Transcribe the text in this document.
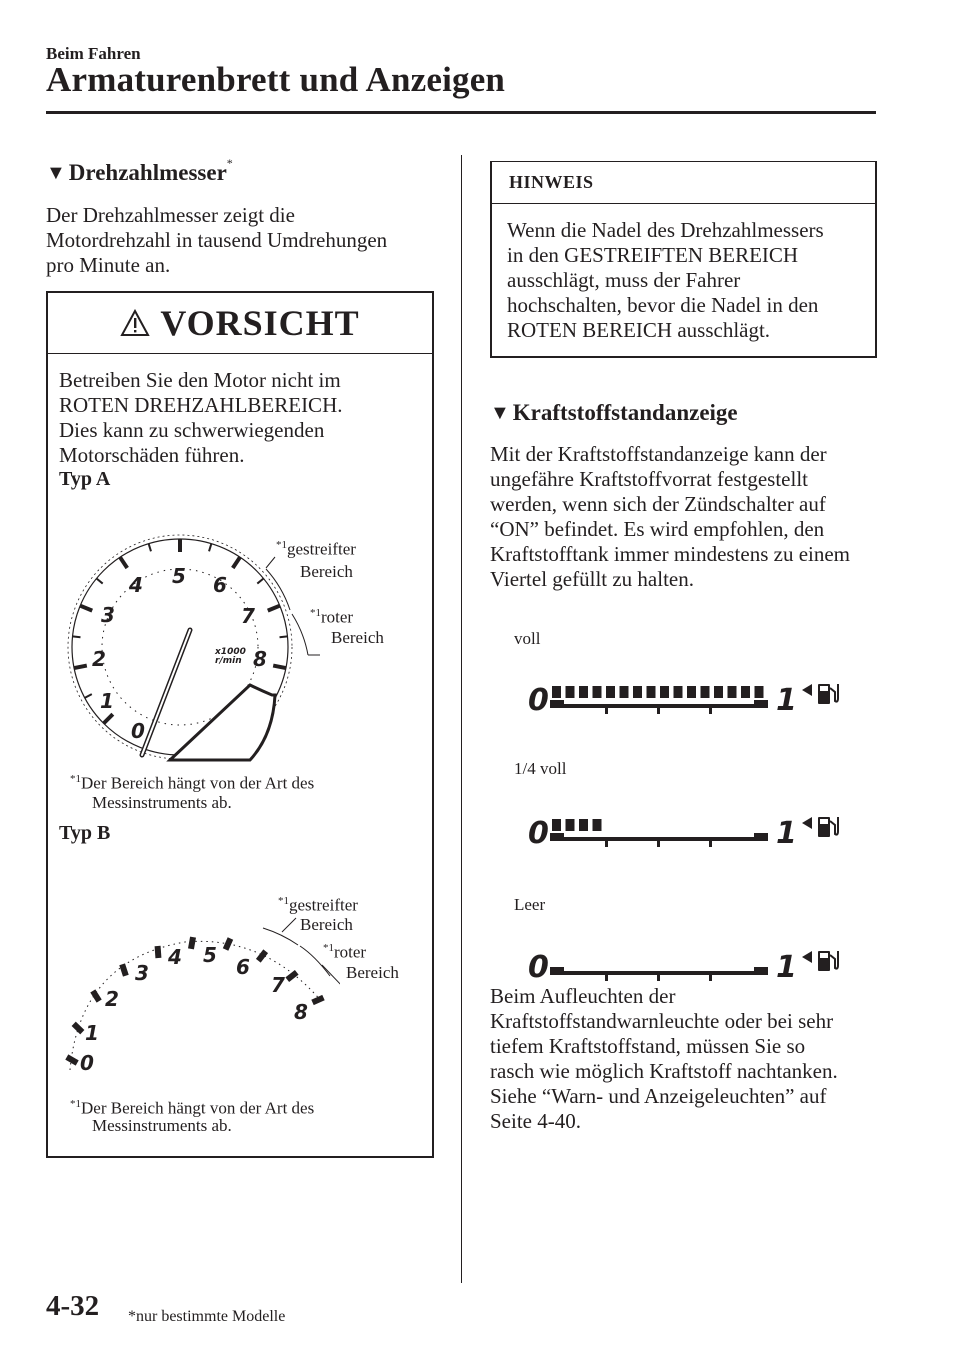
Beim Fahren
Armaturenbrett und Anzeigen
▼ Drehzahlmesser*
Der Drehzahlmesser zeigt die
Motordrehzahl in tausend Umdrehungen
pro Minute an.
VORSICHT
Betreiben Sie den Motor nicht im
ROTEN DREHZAHLBEREICH.
Dies kann zu schwerwiegenden
Motorschäden führen.
Typ A
0
1
2
3
4 5 6
7
8
x1000
r/min
$^{*1}$gestreifter
Bereich
$^{*1}$roter
Bereich
$^{*1}$Der Bereich hängt von der Art des
Messinstruments ab.
Typ B
0
1
2
3
4 5 6
7
8
$^{*1}$gestreifter
Bereich
$^{*1}$roter
Bereich
$^{*1}$Der Bereich hängt von der Art des
Messinstruments ab.
HINWEIS
Wenn die Nadel des Drehzahlmessers
in den GESTREIFTEN BEREICH
ausschlägt, muss der Fahrer
hochschalten, bevor die Nadel in den
ROTEN BEREICH ausschlägt.
▼ Kraftstoffstandanzeige
Mit der Kraftstoffstandanzeige kann der
ungefähre Kraftstoffvorrat festgestellt
werden, wenn sich der Zündschalter auf
“ON” befindet. Es wird empfohlen, den
Kraftstofftank immer mindestens zu einem
Viertel gefüllt zu halten.
voll
0	1
1/4 voll
0	1
Leer
0	1
Beim Aufleuchten der
Kraftstoffstandwarnleuchte oder bei sehr
tiefem Kraftstoffstand, müssen Sie so
rasch wie möglich Kraftstoff nachtanken.
Siehe “Warn- und Anzeigeleuchten” auf
Seite 4-40.
4-32 *nur bestimmte Modelle
